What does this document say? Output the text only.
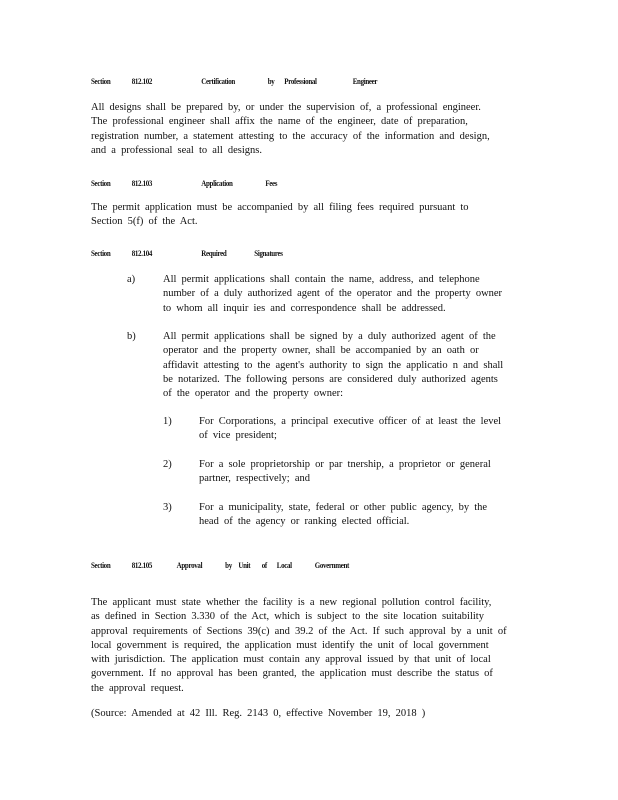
Section	812.102	Certification	by Professional	Engineer
All designs shall be prepared by, or under the supervision of, a professional engineer.
The professional engineer shall affix the name of the engineer, date of preparation,
registration number, a statement attesting to the accuracy of the information and design,
and a professional seal to all designs.
Section	812.103	Application	Fees
The permit application must be accompanied by all filing fees required pursuant to
Section 5(f) of the Act.
Section	812.104	Required	Signatures
a)	All permit applications shall contain the name, address, and telephone
number of a duly authorized agent of the operator and the property owner
to whom all inquir ies and correspondence shall be addressed.
b)	All permit applications shall be signed by a duly authorized agent of the
operator and the property owner, shall be accompanied by an oath or
affidavit attesting to the agent's authority to sign the applicatio n and shall
be notarized. The following persons are considered duly authorized agents
of the operator and the property owner:
1)	For Corporations, a principal executive officer of at least the level
of vice president;
2)	For a sole proprietorship or par tnership, a proprietor or general
partner, respectively; and
3)	For a municipality, state, federal or other public agency, by the
head of the agency or ranking elected official.
Section	812.105	Approval	by Unit of Local	Government
The applicant must state whether the facility is a new regional pollution control facility,
as defined in Section 3.330 of the Act, which is subject to the site location suitability
approval requirements of Sections 39(c) and 39.2 of the Act. If such approval by a unit of
local government is required, the application must identify the unit of local government
with jurisdiction. The application must contain any approval issued by that unit of local
government. If no approval has been granted, the application must describe the status of
the approval request.
(Source: Amended at 42 Ill. Reg. 2143 0, effective November 19, 2018 )
